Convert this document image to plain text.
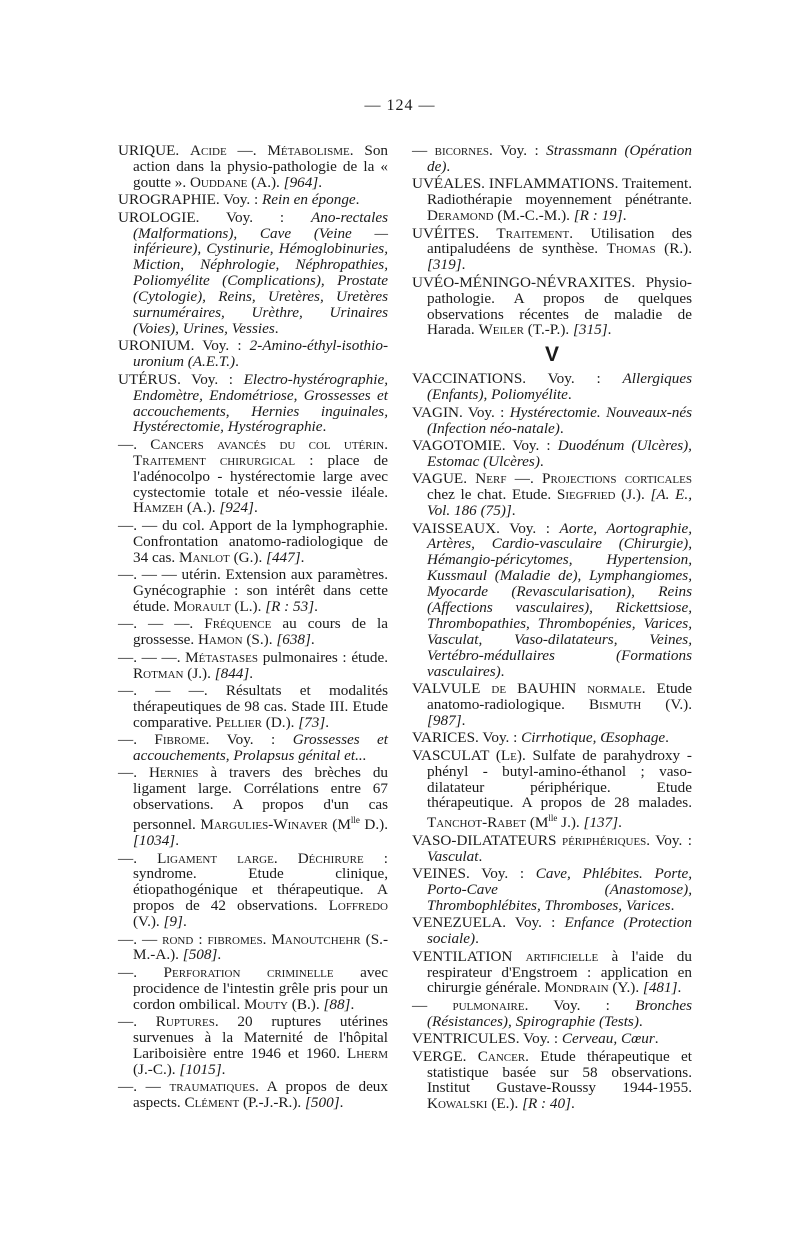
— 124 —
URIQUE. Acide —. Métabolisme. Son action dans la physio-pathologie de la « goutte ». Ouddane (A.). [964].
UROGRAPHIE. Voy. : Rein en éponge.
UROLOGIE. Voy. : Ano-rectales (Malformations), Cave (Veine — inférieure), Cystinurie, Hémoglobinuries, Miction, Néphrologie, Néphropathies, Poliomyélite (Complications), Prostate (Cytologie), Reins, Uretères, Uretères surnuméraires, Urèthre, Urinaires (Voies), Urines, Vessies.
URONIUM. Voy. : 2-Amino-éthyl-isothio-uronium (A.E.T.).
UTÉRUS. Voy. : Electro-hystérographie, Endomètre, Endométriose, Grossesses et accouchements, Hernies inguinales, Hystérectomie, Hystérographie.
—. Cancers avancés du col utérin. Traitement chirurgical : place de l'adénocolpo - hystérectomie large avec cystectomie totale et néo-vessie iléale. Hamzeh (A.). [924].
—. — du col. Apport de la lymphographie. Confrontation anatomo-radiologique de 34 cas. Manlot (G.). [447].
—. — — utérin. Extension aux paramètres. Gynécographie : son intérêt dans cette étude. Morault (L.). [R : 53].
—. — —. Fréquence au cours de la grossesse. Hamon (S.). [638].
—. — —. Métastases pulmonaires : étude. Rotman (J.). [844].
—. — —. Résultats et modalités thérapeutiques de 98 cas. Stade III. Etude comparative. Pellier (D.). [73].
—. Fibrome. Voy. : Grossesses et accouchements, Prolapsus génital et...
—. Hernies à travers des brèches du ligament large. Corrélations entre 67 observations. A propos d'un cas personnel. Margulies-Winaver ($M^{lle}$ D.). [1034].
—. Ligament large. Déchirure : syndrome. Etude clinique, étiopathogénique et thérapeutique. A propos de 42 observations. Loffredo (V.). [9].
—. — rond : fibromes. Manoutchehr (S.-M.-A.). [508].
—. Perforation criminelle avec procidence de l'intestin grêle pris pour un cordon ombilical. Mouty (B.). [88].
—. Ruptures. 20 ruptures utérines survenues à la Maternité de l'hôpital Lariboisière entre 1946 et 1960. Lherm (J.-C.). [1015].
—. — traumatiques. A propos de deux aspects. Clément (P.-J.-R.). [500].
— bicornes. Voy. : Strassmann (Opération de).
UVÉALES. INFLAMMATIONS. Traitement. Radiothérapie moyennement pénétrante. Deramond (M.-C.-M.). [R : 19].
UVÉITES. Traitement. Utilisation des antipaludéens de synthèse. Thomas (R.). [319].
UVÉO-MÉNINGO-NÉVRAXITES. Physio-pathologie. A propos de quelques observations récentes de maladie de Harada. Weiler (T.-P.). [315].
V
VACCINATIONS. Voy. : Allergiques (Enfants), Poliomyélite.
VAGIN. Voy. : Hystérectomie. Nouveaux-nés (Infection néo-natale).
VAGOTOMIE. Voy. : Duodénum (Ulcères), Estomac (Ulcères).
VAGUE. Nerf —. Projections corticales chez le chat. Etude. Siegfried (J.). [A. E., Vol. 186 (75)].
VAISSEAUX. Voy. : Aorte, Aortographie, Artères, Cardio-vasculaire (Chirurgie), Hémangio-péricytomes, Hypertension, Kussmaul (Maladie de), Lymphangiomes, Myocarde (Revascularisation), Reins (Affections vasculaires), Rickettsiose, Thrombopathies, Thrombopénies, Varices, Vasculat, Vaso-dilatateurs, Veines, Vertébro-médullaires (Formations vasculaires).
VALVULE de BAUHIN normale. Etude anatomo-radiologique. Bismuth (V.). [987].
VARICES. Voy. : Cirrhotique, Œsophage.
VASCULAT (Le). Sulfate de parahydroxy - phényl - butyl-amino-éthanol ; vaso-dilatateur périphérique. Etude thérapeutique. A propos de 28 malades. Tanchot-Rabet ($M^{lle}$ J.). [137].
VASO-DILATATEURS périphériques. Voy. : Vasculat.
VEINES. Voy. : Cave, Phlébites. Porte, Porto-Cave (Anastomose), Thrombophlébites, Thromboses, Varices.
VENEZUELA. Voy. : Enfance (Protection sociale).
VENTILATION artificielle à l'aide du respirateur d'Engstroem : application en chirurgie générale. Mondrain (Y.). [481].
— pulmonaire. Voy. : Bronches (Résistances), Spirographie (Tests).
VENTRICULES. Voy. : Cerveau, Cœur.
VERGE. Cancer. Etude thérapeutique et statistique basée sur 58 observations. Institut Gustave-Roussy 1944-1955. Kowalski (E.). [R : 40].
